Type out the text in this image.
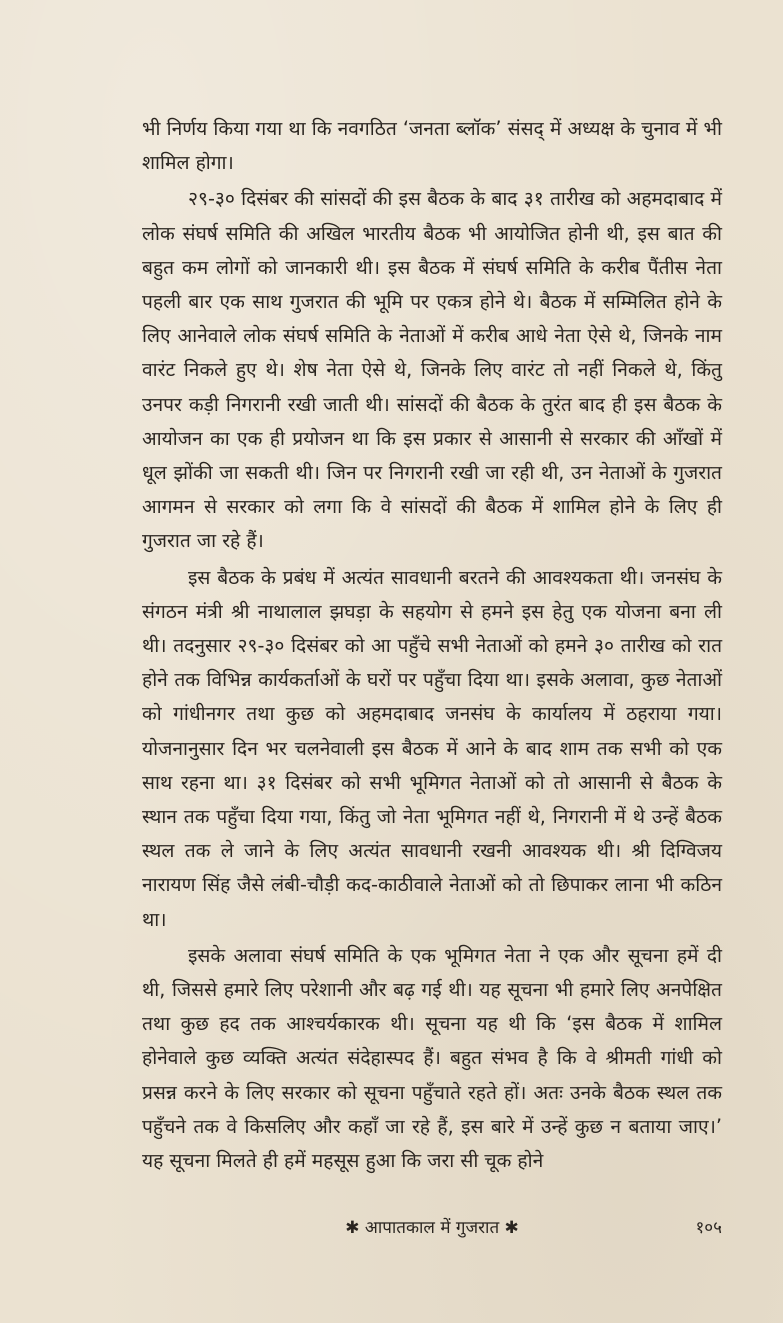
भी निर्णय किया गया था कि नवगठित ‘जनता ब्लॉक’ संसद् में अध्यक्ष के चुनाव में भी शामिल होगा।

२९-३० दिसंबर की सांसदों की इस बैठक के बाद ३१ तारीख को अहमदाबाद में लोक संघर्ष समिति की अखिल भारतीय बैठक भी आयोजित होनी थी, इस बात की बहुत कम लोगों को जानकारी थी। इस बैठक में संघर्ष समिति के करीब पैंतीस नेता पहली बार एक साथ गुजरात की भूमि पर एकत्र होने थे। बैठक में सम्मिलित होने के लिए आनेवाले लोक संघर्ष समिति के नेताओं में करीब आधे नेता ऐसे थे, जिनके नाम वारंट निकले हुए थे। शेष नेता ऐसे थे, जिनके लिए वारंट तो नहीं निकले थे, किंतु उनपर कड़ी निगरानी रखी जाती थी। सांसदों की बैठक के तुरंत बाद ही इस बैठक के आयोजन का एक ही प्रयोजन था कि इस प्रकार से आसानी से सरकार की आँखों में धूल झोंकी जा सकती थी। जिन पर निगरानी रखी जा रही थी, उन नेताओं के गुजरात आगमन से सरकार को लगा कि वे सांसदों की बैठक में शामिल होने के लिए ही गुजरात जा रहे हैं।

इस बैठक के प्रबंध में अत्यंत सावधानी बरतने की आवश्यकता थी। जनसंघ के संगठन मंत्री श्री नाथालाल झघड़ा के सहयोग से हमने इस हेतु एक योजना बना ली थी। तदनुसार २९-३० दिसंबर को आ पहुँचे सभी नेताओं को हमने ३० तारीख को रात होने तक विभिन्न कार्यकर्ताओं के घरों पर पहुँचा दिया था। इसके अलावा, कुछ नेताओं को गांधीनगर तथा कुछ को अहमदाबाद जनसंघ के कार्यालय में ठहराया गया। योजनानुसार दिन भर चलनेवाली इस बैठक में आने के बाद शाम तक सभी को एक साथ रहना था। ३१ दिसंबर को सभी भूमिगत नेताओं को तो आसानी से बैठक के स्थान तक पहुँचा दिया गया, किंतु जो नेता भूमिगत नहीं थे, निगरानी में थे उन्हें बैठक स्थल तक ले जाने के लिए अत्यंत सावधानी रखनी आवश्यक थी। श्री दिग्विजय नारायण सिंह जैसे लंबी-चौड़ी कद-काठीवाले नेताओं को तो छिपाकर लाना भी कठिन था।

इसके अलावा संघर्ष समिति के एक भूमिगत नेता ने एक और सूचना हमें दी थी, जिससे हमारे लिए परेशानी और बढ़ गई थी। यह सूचना भी हमारे लिए अनपेक्षित तथा कुछ हद तक आश्चर्यकारक थी। सूचना यह थी कि ‘इस बैठक में शामिल होनेवाले कुछ व्यक्ति अत्यंत संदेहास्पद हैं। बहुत संभव है कि वे श्रीमती गांधी को प्रसन्न करने के लिए सरकार को सूचना पहुँचाते रहते हों। अतः उनके बैठक स्थल तक पहुँचने तक वे किसलिए और कहाँ जा रहे हैं, इस बारे में उन्हें कुछ न बताया जाए।’ यह सूचना मिलते ही हमें महसूस हुआ कि जरा सी चूक होने

✱ आपातकाल में गुजरात ✱	१०५
